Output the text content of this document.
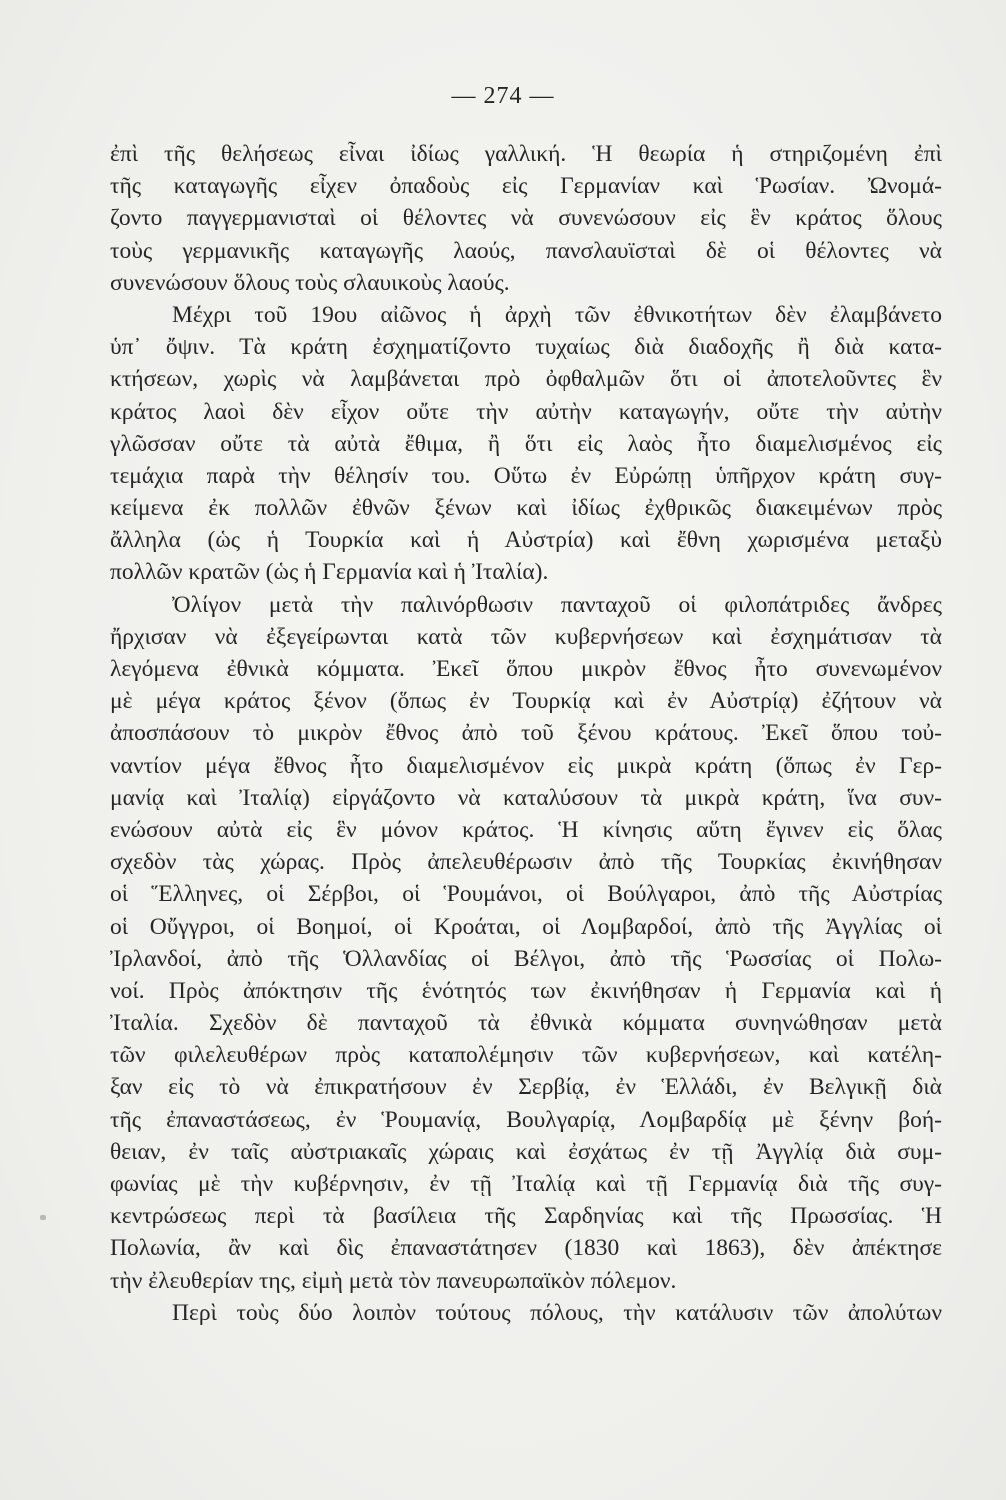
— 274 —
ἐπὶ τῆς θελήσεως εἶναι ἰδίως γαλλική. Ἡ θεωρία ἡ στηριζομένη ἐπὶ
τῆς καταγωγῆς εἶχεν ὀπαδοὺς εἰς Γερμανίαν καὶ Ῥωσίαν. Ὠνομά-
ζοντο παγγερμανισταὶ οἱ θέλοντες νὰ συνενώσουν εἰς ἓν κράτος ὅλους
τοὺς γερμανικῆς καταγωγῆς λαούς, πανσλαυϊσταὶ δὲ οἱ θέλοντες νὰ
συνενώσουν ὅλους τοὺς σλαυικοὺς λαούς.
Μέχρι τοῦ 19ου αἰῶνος ἡ ἀρχὴ τῶν ἐθνικοτήτων δὲν ἐλαμβάνετο
ὑπ᾽ ὄψιν. Τὰ κράτη ἐσχηματίζοντο τυχαίως διὰ διαδοχῆς ἢ διὰ κατα-
κτήσεων, χωρὶς νὰ λαμβάνεται πρὸ ὀφθαλμῶν ὅτι οἱ ἀποτελοῦντες ἓν
κράτος λαοὶ δὲν εἶχον οὔτε τὴν αὐτὴν καταγωγήν, οὔτε τὴν αὐτὴν
γλῶσσαν οὔτε τὰ αὐτὰ ἔθιμα, ἢ ὅτι εἰς λαὸς ἦτο διαμελισμένος εἰς
τεμάχια παρὰ τὴν θέλησίν του. Οὕτω ἐν Εὐρώπῃ ὑπῆρχον κράτη συγ-
κείμενα ἐκ πολλῶν ἐθνῶν ξένων καὶ ἰδίως ἐχθρικῶς διακειμένων πρὸς
ἄλληλα (ὡς ἡ Τουρκία καὶ ἡ Αὐστρία) καὶ ἔθνη χωρισμένα μεταξὺ
πολλῶν κρατῶν (ὡς ἡ Γερμανία καὶ ἡ Ἰταλία).
Ὀλίγον μετὰ τὴν παλινόρθωσιν πανταχοῦ οἱ φιλοπάτριδες ἄνδρες
ἤρχισαν νὰ ἐξεγείρωνται κατὰ τῶν κυβερνήσεων καὶ ἐσχημάτισαν τὰ
λεγόμενα ἐθνικὰ κόμματα. Ἐκεῖ ὅπου μικρὸν ἔθνος ἦτο συνενωμένον
μὲ μέγα κράτος ξένον (ὅπως ἐν Τουρκίᾳ καὶ ἐν Αὐστρίᾳ) ἐζήτουν νὰ
ἀποσπάσουν τὸ μικρὸν ἔθνος ἀπὸ τοῦ ξένου κράτους. Ἐκεῖ ὅπου τοὐ-
ναντίον μέγα ἔθνος ἦτο διαμελισμένον εἰς μικρὰ κράτη (ὅπως ἐν Γερ-
μανίᾳ καὶ Ἰταλίᾳ) εἰργάζοντο νὰ καταλύσουν τὰ μικρὰ κράτη, ἵνα συν-
ενώσουν αὐτὰ εἰς ἓν μόνον κράτος. Ἡ κίνησις αὕτη ἔγινεν εἰς ὅλας
σχεδὸν τὰς χώρας. Πρὸς ἀπελευθέρωσιν ἀπὸ τῆς Τουρκίας ἐκινήθησαν
οἱ Ἕλληνες, οἱ Σέρβοι, οἱ Ῥουμάνοι, οἱ Βούλγαροι, ἀπὸ τῆς Αὐστρίας
οἱ Οὔγγροι, οἱ Βοημοί, οἱ Κροάται, οἱ Λομβαρδοί, ἀπὸ τῆς Ἀγγλίας οἱ
Ἰρλανδοί, ἀπὸ τῆς Ὁλλανδίας οἱ Βέλγοι, ἀπὸ τῆς Ῥωσσίας οἱ Πολω-
νοί. Πρὸς ἀπόκτησιν τῆς ἑνότητός των ἐκινήθησαν ἡ Γερμανία καὶ ἡ
Ἰταλία. Σχεδὸν δὲ πανταχοῦ τὰ ἐθνικὰ κόμματα συνηνώθησαν μετὰ
τῶν φιλελευθέρων πρὸς καταπολέμησιν τῶν κυβερνήσεων, καὶ κατέλη-
ξαν εἰς τὸ νὰ ἐπικρατήσουν ἐν Σερβίᾳ, ἐν Ἑλλάδι, ἐν Βελγικῇ διὰ
τῆς ἐπαναστάσεως, ἐν Ῥουμανίᾳ, Βουλγαρίᾳ, Λομβαρδίᾳ μὲ ξένην βοή-
θειαν, ἐν ταῖς αὐστριακαῖς χώραις καὶ ἐσχάτως ἐν τῇ Ἀγγλίᾳ διὰ συμ-
φωνίας μὲ τὴν κυβέρνησιν, ἐν τῇ Ἰταλίᾳ καὶ τῇ Γερμανίᾳ διὰ τῆς συγ-
κεντρώσεως περὶ τὰ βασίλεια τῆς Σαρδηνίας καὶ τῆς Πρωσσίας. Ἡ
Πολωνία, ἂν καὶ δὶς ἐπαναστάτησεν (1830 καὶ 1863), δὲν ἀπέκτησε
τὴν ἐλευθερίαν της, εἰμὴ μετὰ τὸν πανευρωπαϊκὸν πόλεμον.
Περὶ τοὺς δύο λοιπὸν τούτους πόλους, τὴν κατάλυσιν τῶν ἀπολύτων
